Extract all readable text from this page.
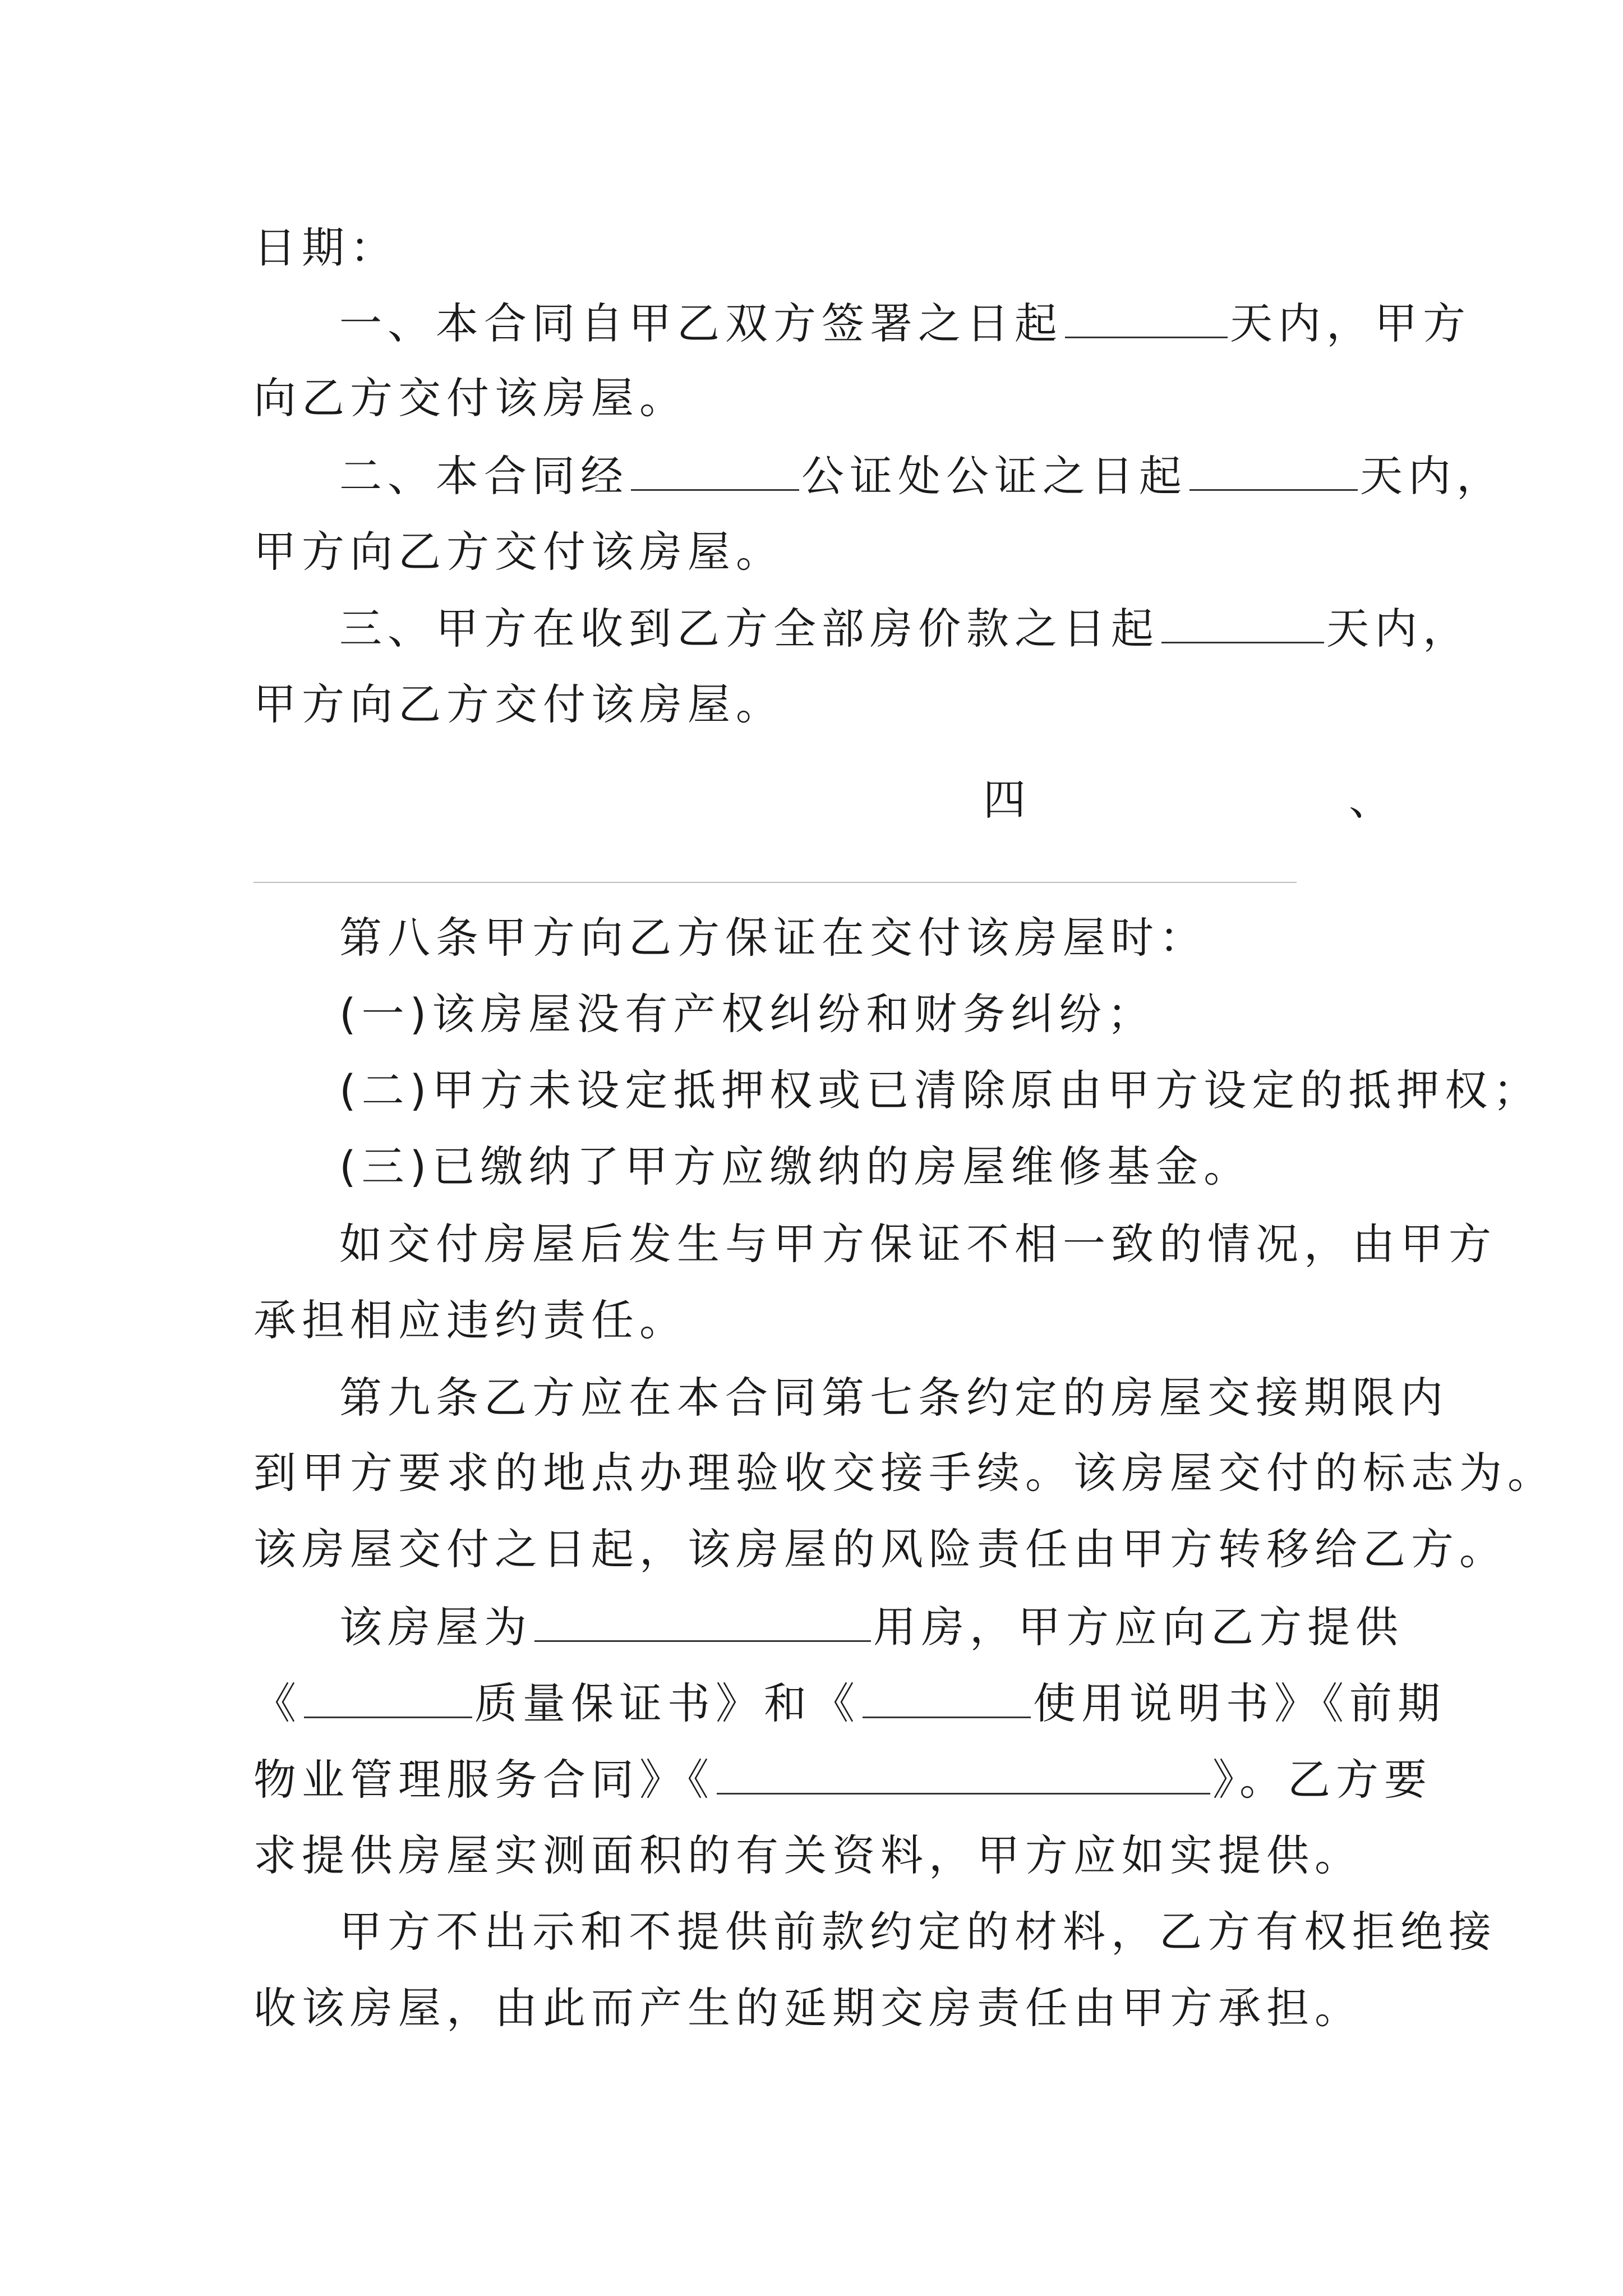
日期：
一、本合同自甲乙双方签署之日起	天内，甲方
向乙方交付该房屋。
二、本合同经	公证处公证之日起	天内，
甲方向乙方交付该房屋。
三、甲方在收到乙方全部房价款之日起	天内，
甲方向乙方交付该房屋。
四	、
第八条甲方向乙方保证在交付该房屋时：
(一)该房屋没有产权纠纷和财务纠纷；
(二)甲方未设定抵押权或已清除原由甲方设定的抵押权；
(三)已缴纳了甲方应缴纳的房屋维修基金。
如交付房屋后发生与甲方保证不相一致的情况，由甲方
承担相应违约责任。
第九条乙方应在本合同第七条约定的房屋交接期限内
到甲方要求的地点办理验收交接手续。该房屋交付的标志为。
该房屋交付之日起，该房屋的风险责任由甲方转移给乙方。
该房屋为	用房，甲方应向乙方提供
《	质量保证书》和《	使用说明书》《前期
物业管理服务合同》《	》。乙方要
求提供房屋实测面积的有关资料，甲方应如实提供。
甲方不出示和不提供前款约定的材料，乙方有权拒绝接
收该房屋，由此而产生的延期交房责任由甲方承担。
